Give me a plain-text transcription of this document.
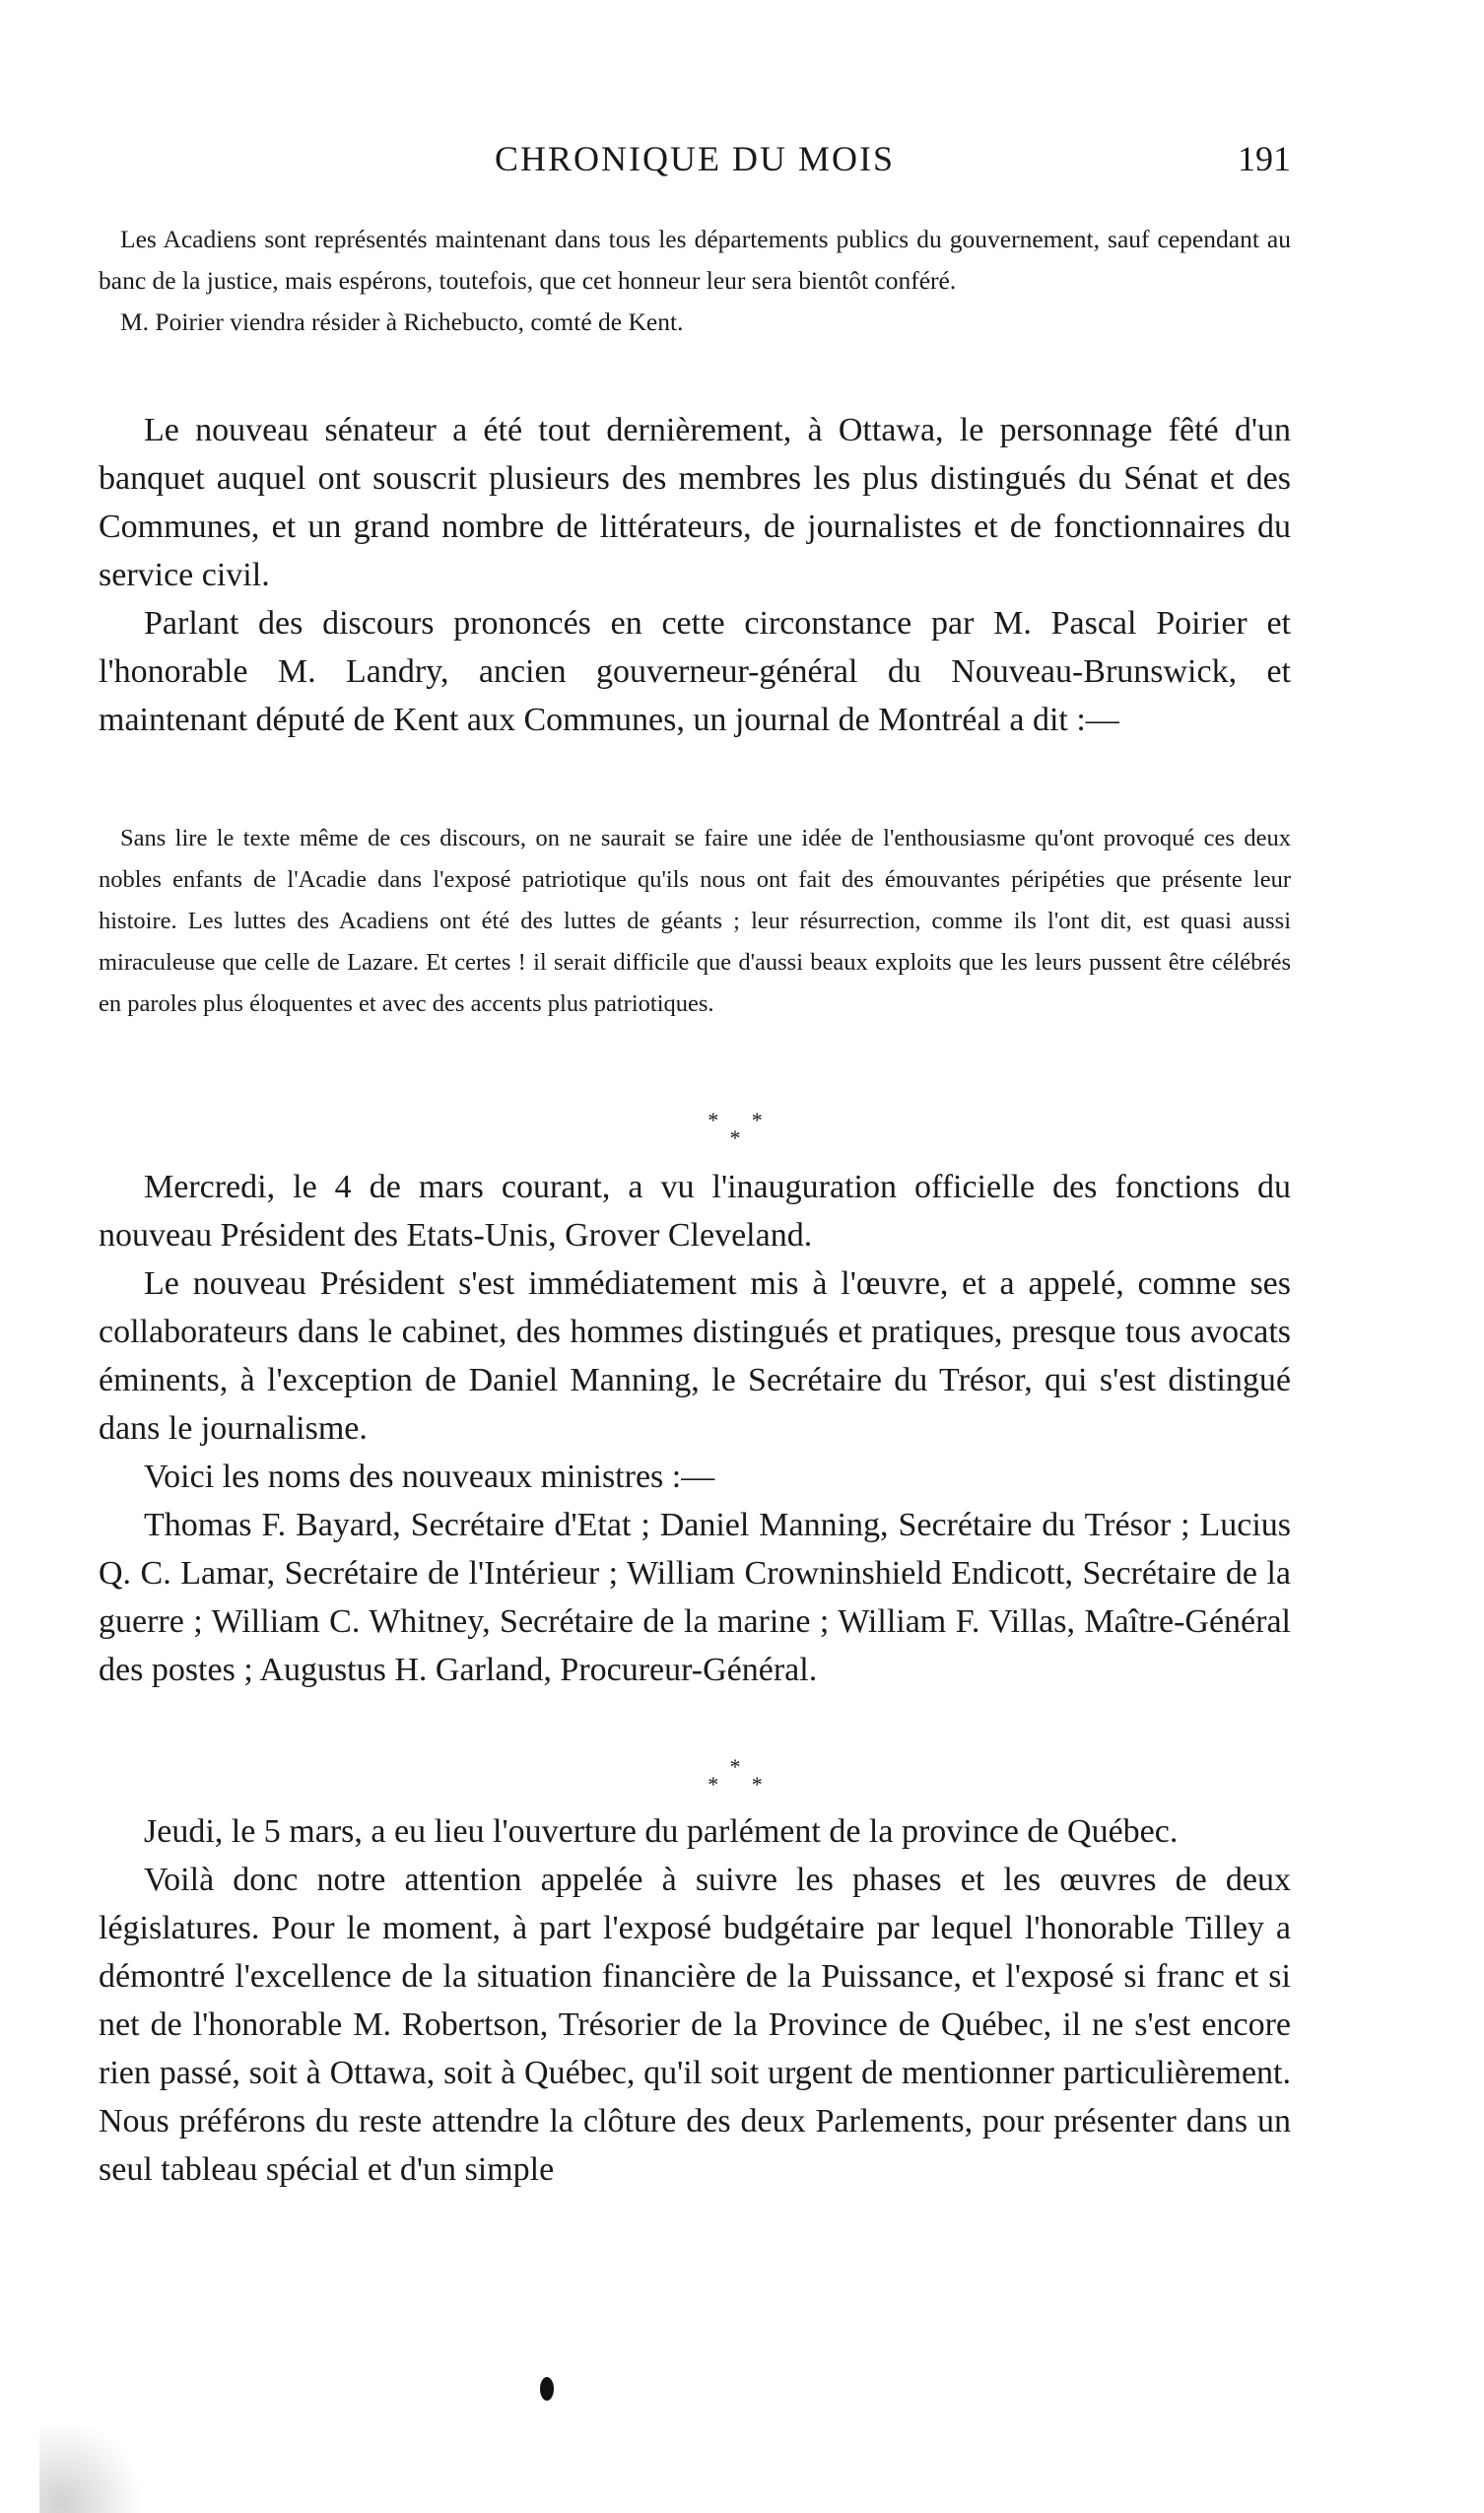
CHRONIQUE DU MOIS	191

Les Acadiens sont représentés maintenant dans tous les départements publics du gouvernement, sauf cependant au banc de la justice, mais espérons, toutefois, que cet honneur leur sera bientôt conféré.

M. Poirier viendra résider à Richebucto, comté de Kent.

Le nouveau sénateur a été tout dernièrement, à Ottawa, le personnage fêté d'un banquet auquel ont souscrit plusieurs des membres les plus distingués du Sénat et des Communes, et un grand nombre de littérateurs, de journalistes et de fonctionnaires du service civil.

Parlant des discours prononcés en cette circonstance par M. Pascal Poirier et l'honorable M. Landry, ancien gouverneur-général du Nouveau-Brunswick, et maintenant député de Kent aux Communes, un journal de Montréal a dit :—

Sans lire le texte même de ces discours, on ne saurait se faire une idée de l'enthousiasme qu'ont provoqué ces deux nobles enfants de l'Acadie dans l'exposé patriotique qu'ils nous ont fait des émouvantes péripéties que présente leur histoire. Les luttes des Acadiens ont été des luttes de géants ; leur résurrection, comme ils l'ont dit, est quasi aussi miraculeuse que celle de Lazare. Et certes ! il serait difficile que d'aussi beaux exploits que les leurs pussent être célébrés en paroles plus éloquentes et avec des accents plus patriotiques.

* *
*

Mercredi, le 4 de mars courant, a vu l'inauguration officielle des fonctions du nouveau Président des Etats-Unis, Grover Cleveland.

Le nouveau Président s'est immédiatement mis à l'œuvre, et a appelé, comme ses collaborateurs dans le cabinet, des hommes distingués et pratiques, presque tous avocats éminents, à l'exception de Daniel Manning, le Secrétaire du Trésor, qui s'est distingué dans le journalisme.

Voici les noms des nouveaux ministres :—

Thomas F. Bayard, Secrétaire d'Etat ; Daniel Manning, Secrétaire du Trésor ; Lucius Q. C. Lamar, Secrétaire de l'Intérieur ; William Crowninshield Endicott, Secrétaire de la guerre ; William C. Whitney, Secrétaire de la marine ; William F. Villas, Maître-Général des postes ; Augustus H. Garland, Procureur-Général.

*
* *

Jeudi, le 5 mars, a eu lieu l'ouverture du parlément de la province de Québec.

Voilà donc notre attention appelée à suivre les phases et les œuvres de deux législatures. Pour le moment, à part l'exposé budgétaire par lequel l'honorable Tilley a démontré l'excellence de la situation financière de la Puissance, et l'exposé si franc et si net de l'honorable M. Robertson, Trésorier de la Province de Québec, il ne s'est encore rien passé, soit à Ottawa, soit à Québec, qu'il soit urgent de mentionner particulièrement. Nous préférons du reste attendre la clôture des deux Parlements, pour présenter dans un seul tableau spécial et d'un simple
